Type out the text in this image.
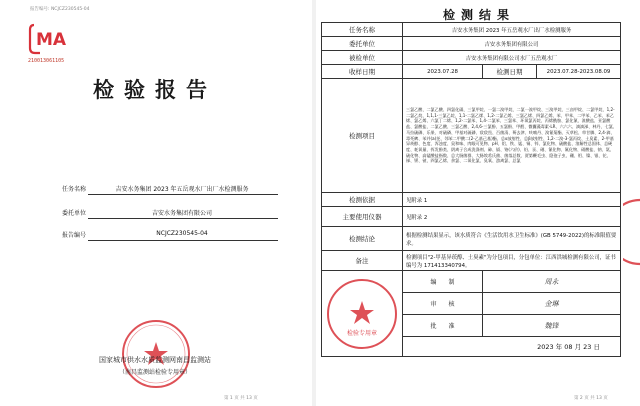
报告编号: NCJCZ230545-04
MA
210013061105
检验报告
任务名称	吉安水务集团 2023 年五岳观水厂出厂水检测服务
委托单位	吉安水务集团有限公司
报告编号	NCJCZ230545-04
国家城市供水水质监测网南昌监测站
（南昌监测站检验专用章）
第 1 页 共 13 页
检测结果
任务名称	吉安水务集团 2023 年五岳观水厂出厂水检测服务		
委托单位	吉安水务集团有限公司		
被检单位	吉安水务集团有限公司水厂五岳观水厂		
收样日期	2023.07.28	检测日期	2023.07.28-2023.08.09
检测项目	三氯乙酸、二氯乙酸、四氯化碳、三氯甲烷、一氯二溴甲烷、二氯一溴甲烷、三溴甲烷、三卤甲烷、二氯甲烷、1,2-二氯乙烷、1,1,1-三氯乙烷、1,1-二氯乙烯、1,2-二氯乙烯、三氯乙烯、四氯乙烯、苯、甲苯、二甲苯、乙苯、苯乙烯、氯乙烯、六氯丁二烯、1,2-二氯苯、1,4-二氯苯、三氯苯、环氧氯丙烷、丙烯酰胺、氯化氰、溴酸盐、亚氯酸盐、氯酸盐、二氯乙酸、三氯乙酸、2,4,6-三氯酚、五氯酚、甲醛、微囊藻毒素-LR、六六六、滴滴涕、林丹、七氯、马拉硫磷、乐果、对硫磷、甲基对硫磷、敌敌畏、百菌清、莠去津、呋喃丹、溴氰菊酯、灭草松、草甘膦、2,4-滴、毒死蜱、苯并(a)芘、邻苯二甲酸二(2-乙基己基)酯、总α放射性、总β放射性、1,2-二溴-3-氯丙烷、土臭素、2-甲基异莰醇、色度、浑浊度、臭和味、肉眼可见物、pH、铝、铁、锰、铜、锌、氯化物、硫酸盐、溶解性总固体、总硬度、耗氧量、挥发酚类、阴离子合成洗涤剂、砷、镉、铬(六价)、铅、汞、硒、氰化物、氟化物、硝酸盐、钠、氨、硫化物、高锰酸盐指数、总大肠菌群、大肠埃希氏菌、菌落总数、贾第鞭毛虫、隐孢子虫、硼、钼、镍、银、铊、锑、钡、铍、四氯乙烯、余氯、二氧化氯、臭氧、游离氯、总氯		
检测依据	见附录 1		
主要使用仪器	见附录 2		
检测结论	根据检测结果显示，该水质符合《生活饮用水卫生标准》(GB 5749-2022)的标准限值要求。		
备注	检测项目"2-甲基异莰醇、土臭素"为分包项目，分包单位：江西洪城检测有限公司，证书编号为 171413340794。		

检验专用章	编　　制	周永	
	审　　核	金琳	
	批　　准	魏锋	
	2023 年 08 月 23 日		
第 2 页 共 13 页
